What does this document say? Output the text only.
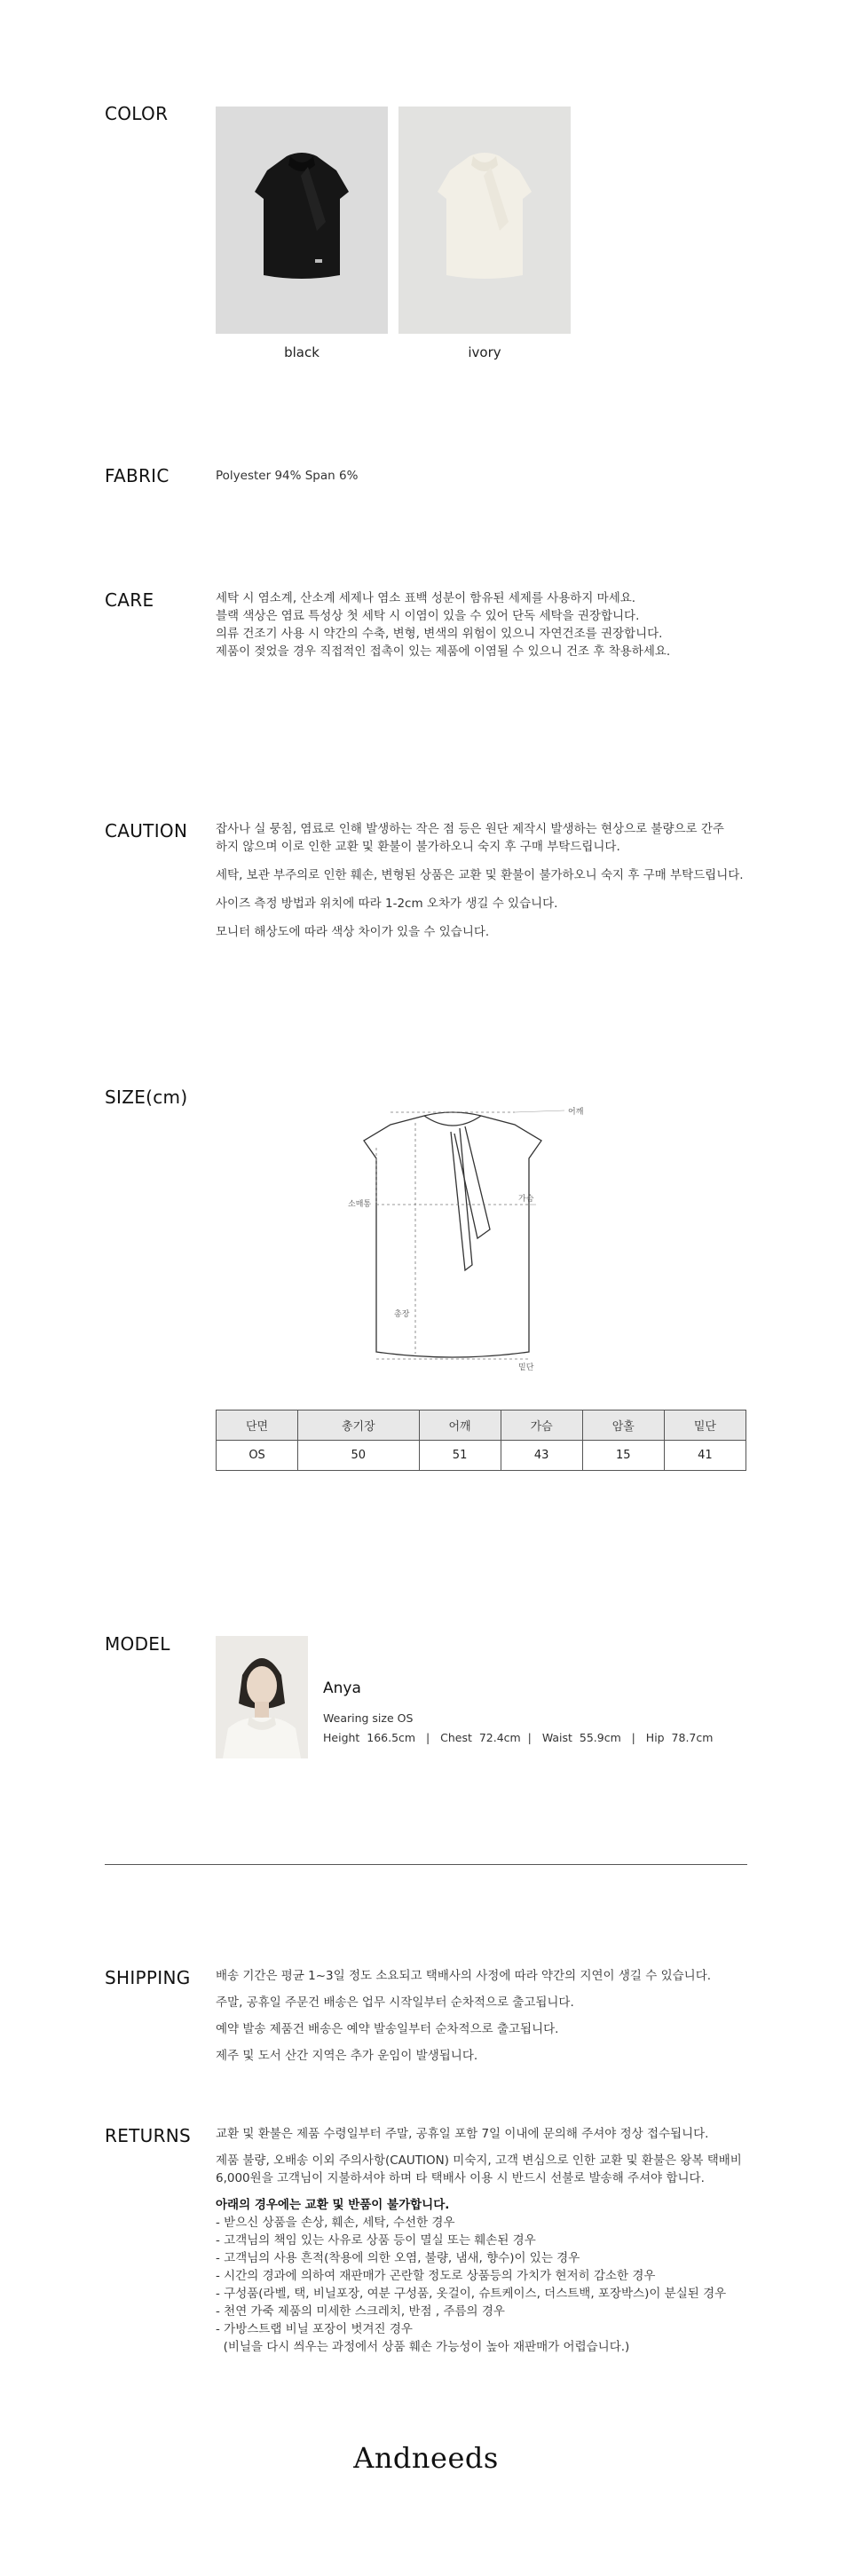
COLOR
black	ivory
FABRIC	Polyester 94% Span 6%
CARE	세탁 시 염소계, 산소계 세제나 염소 표백 성분이 함유된 세제를 사용하지 마세요.

블랙 색상은 염료 특성상 첫 세탁 시 이염이 있을 수 있어 단독 세탁을 권장합니다.

의류 건조기 사용 시 약간의 수축, 변형, 변색의 위험이 있으니 자연건조를 권장합니다.

제품이 젖었을 경우 직접적인 접촉이 있는 제품에 이염될 수 있으니 건조 후 착용하세요.

CAUTION 잡사나 실 뭉침, 염료로 인해 발생하는 작은 점 등은 원단 제작시 발생하는 현상으로 불량으로 간주

하지 않으며 이로 인한 교환 및 환불이 불가하오니 숙지 후 구매 부탁드립니다.

세탁, 보관 부주의로 인한 훼손, 변형된 상품은 교환 및 환불이 불가하오니 숙지 후 구매 부탁드립니다.

사이즈 측정 방법과 위치에 따라 1-2cm 오차가 생길 수 있습니다.

모니터 해상도에 따라 색상 차이가 있을 수 있습니다.

SIZE(cm)
어깨
소매통
가슴
총장
밑단
단면	총기장	어깨	가슴	암홀	밑단
OS	50	51	43	15	41
MODEL
Anya
Wearing size OS
Height  166.5cm   |   Chest  72.4cm  |   Waist  55.9cm   |   Hip  78.7cm
SHIPPING 배송 기간은 평균 1~3일 정도 소요되고 택배사의 사정에 따라 약간의 지연이 생길 수 있습니다.

주말, 공휴일 주문건 배송은 업무 시작일부터 순차적으로 출고됩니다.

예약 발송 제품건 배송은 예약 발송일부터 순차적으로 출고됩니다.

제주 및 도서 산간 지역은 추가 운임이 발생됩니다.

RETURNS 교환 및 환불은 제품 수령일부터 주말, 공휴일 포함 7일 이내에 문의해 주셔야 정상 접수됩니다.

제품 불량, 오배송 이외 주의사항(CAUTION) 미숙지, 고객 변심으로 인한 교환 및 환불은 왕복 택배비

6,000원을 고객님이 지불하셔야 하며 타 택배사 이용 시 반드시 선불로 발송해 주셔야 합니다.

아래의 경우에는 교환 및 반품이 불가합니다.

- 받으신 상품을 손상, 훼손, 세탁, 수선한 경우

- 고객님의 책임 있는 사유로 상품 등이 멸실 또는 훼손된 경우

- 고객님의 사용 흔적(착용에 의한 오염, 불량, 냄새, 향수)이 있는 경우

- 시간의 경과에 의하여 재판매가 곤란할 정도로 상품등의 가치가 현저히 감소한 경우

- 구성품(라벨, 택, 비닐포장, 여분 구성품, 옷걸이, 슈트케이스, 더스트백, 포장박스)이 분실된 경우

- 천연 가죽 제품의 미세한 스크레치, 반점 , 주름의 경우

- 가방스트랩 비닐 포장이 벗겨진 경우

(비닐을 다시 씌우는 과정에서 상품 훼손 가능성이 높아 재판매가 어렵습니다.)

Andneeds
